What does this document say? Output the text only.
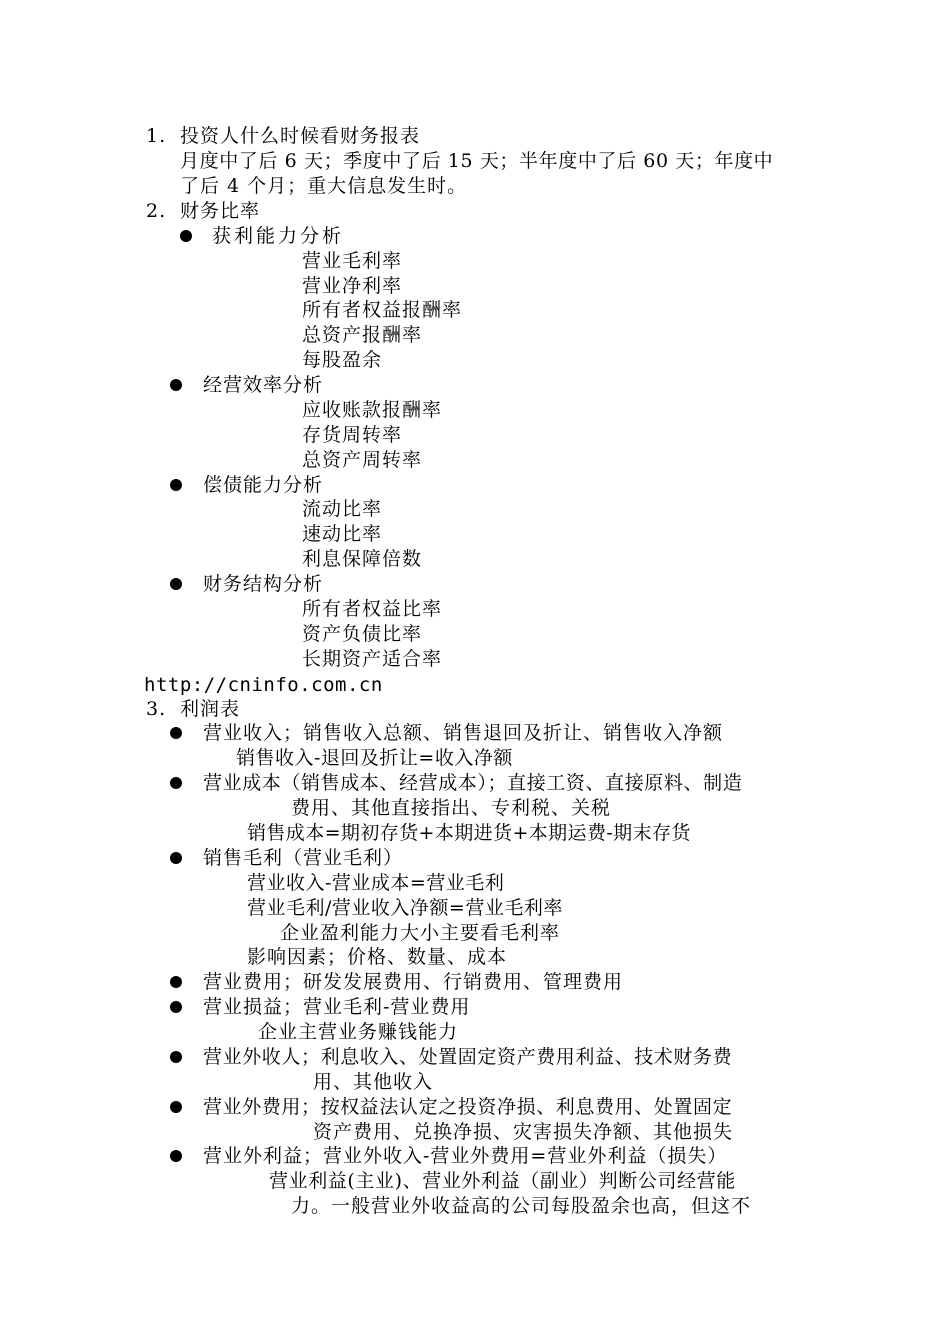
1. 投资人什么时候看财务报表
月度中了后 6 天；季度中了后 15 天；半年度中了后 60 天；年度中
了后 4 个月；重大信息发生时。
2. 财务比率
获利能力分析
营业毛利率
营业净利率
所有者权益报酬率
总资产报酬率
每股盈余
经营效率分析
应收账款报酬率
存货周转率
总资产周转率
偿债能力分析
流动比率
速动比率
利息保障倍数
财务结构分析
所有者权益比率
资产负债比率
长期资产适合率
http://cninfo.com.cn
3. 利润表
营业收入；销售收入总额、销售退回及折让、销售收入净额
销售收入-退回及折让=收入净额
营业成本（销售成本、经营成本）；直接工资、直接原料、制造
费用、其他直接指出、专利税、关税
销售成本=期初存货+本期进货+本期运费-期末存货
销售毛利（营业毛利）
营业收入-营业成本=营业毛利
营业毛利/营业收入净额=营业毛利率
企业盈利能力大小主要看毛利率
影响因素；价格、数量、成本
营业费用；研发发展费用、行销费用、管理费用
营业损益；营业毛利-营业费用
企业主营业务赚钱能力
营业外收人；利息收入、处置固定资产费用利益、技术财务费
用、其他收入
营业外费用；按权益法认定之投资净损、利息费用、处置固定
资产费用、兑换净损、灾害损失净额、其他损失
营业外利益；营业外收入-营业外费用=营业外利益（损失）
营业利益(主业)、营业外利益（副业）判断公司经营能
力。一般营业外收益高的公司每股盈余也高，但这不
